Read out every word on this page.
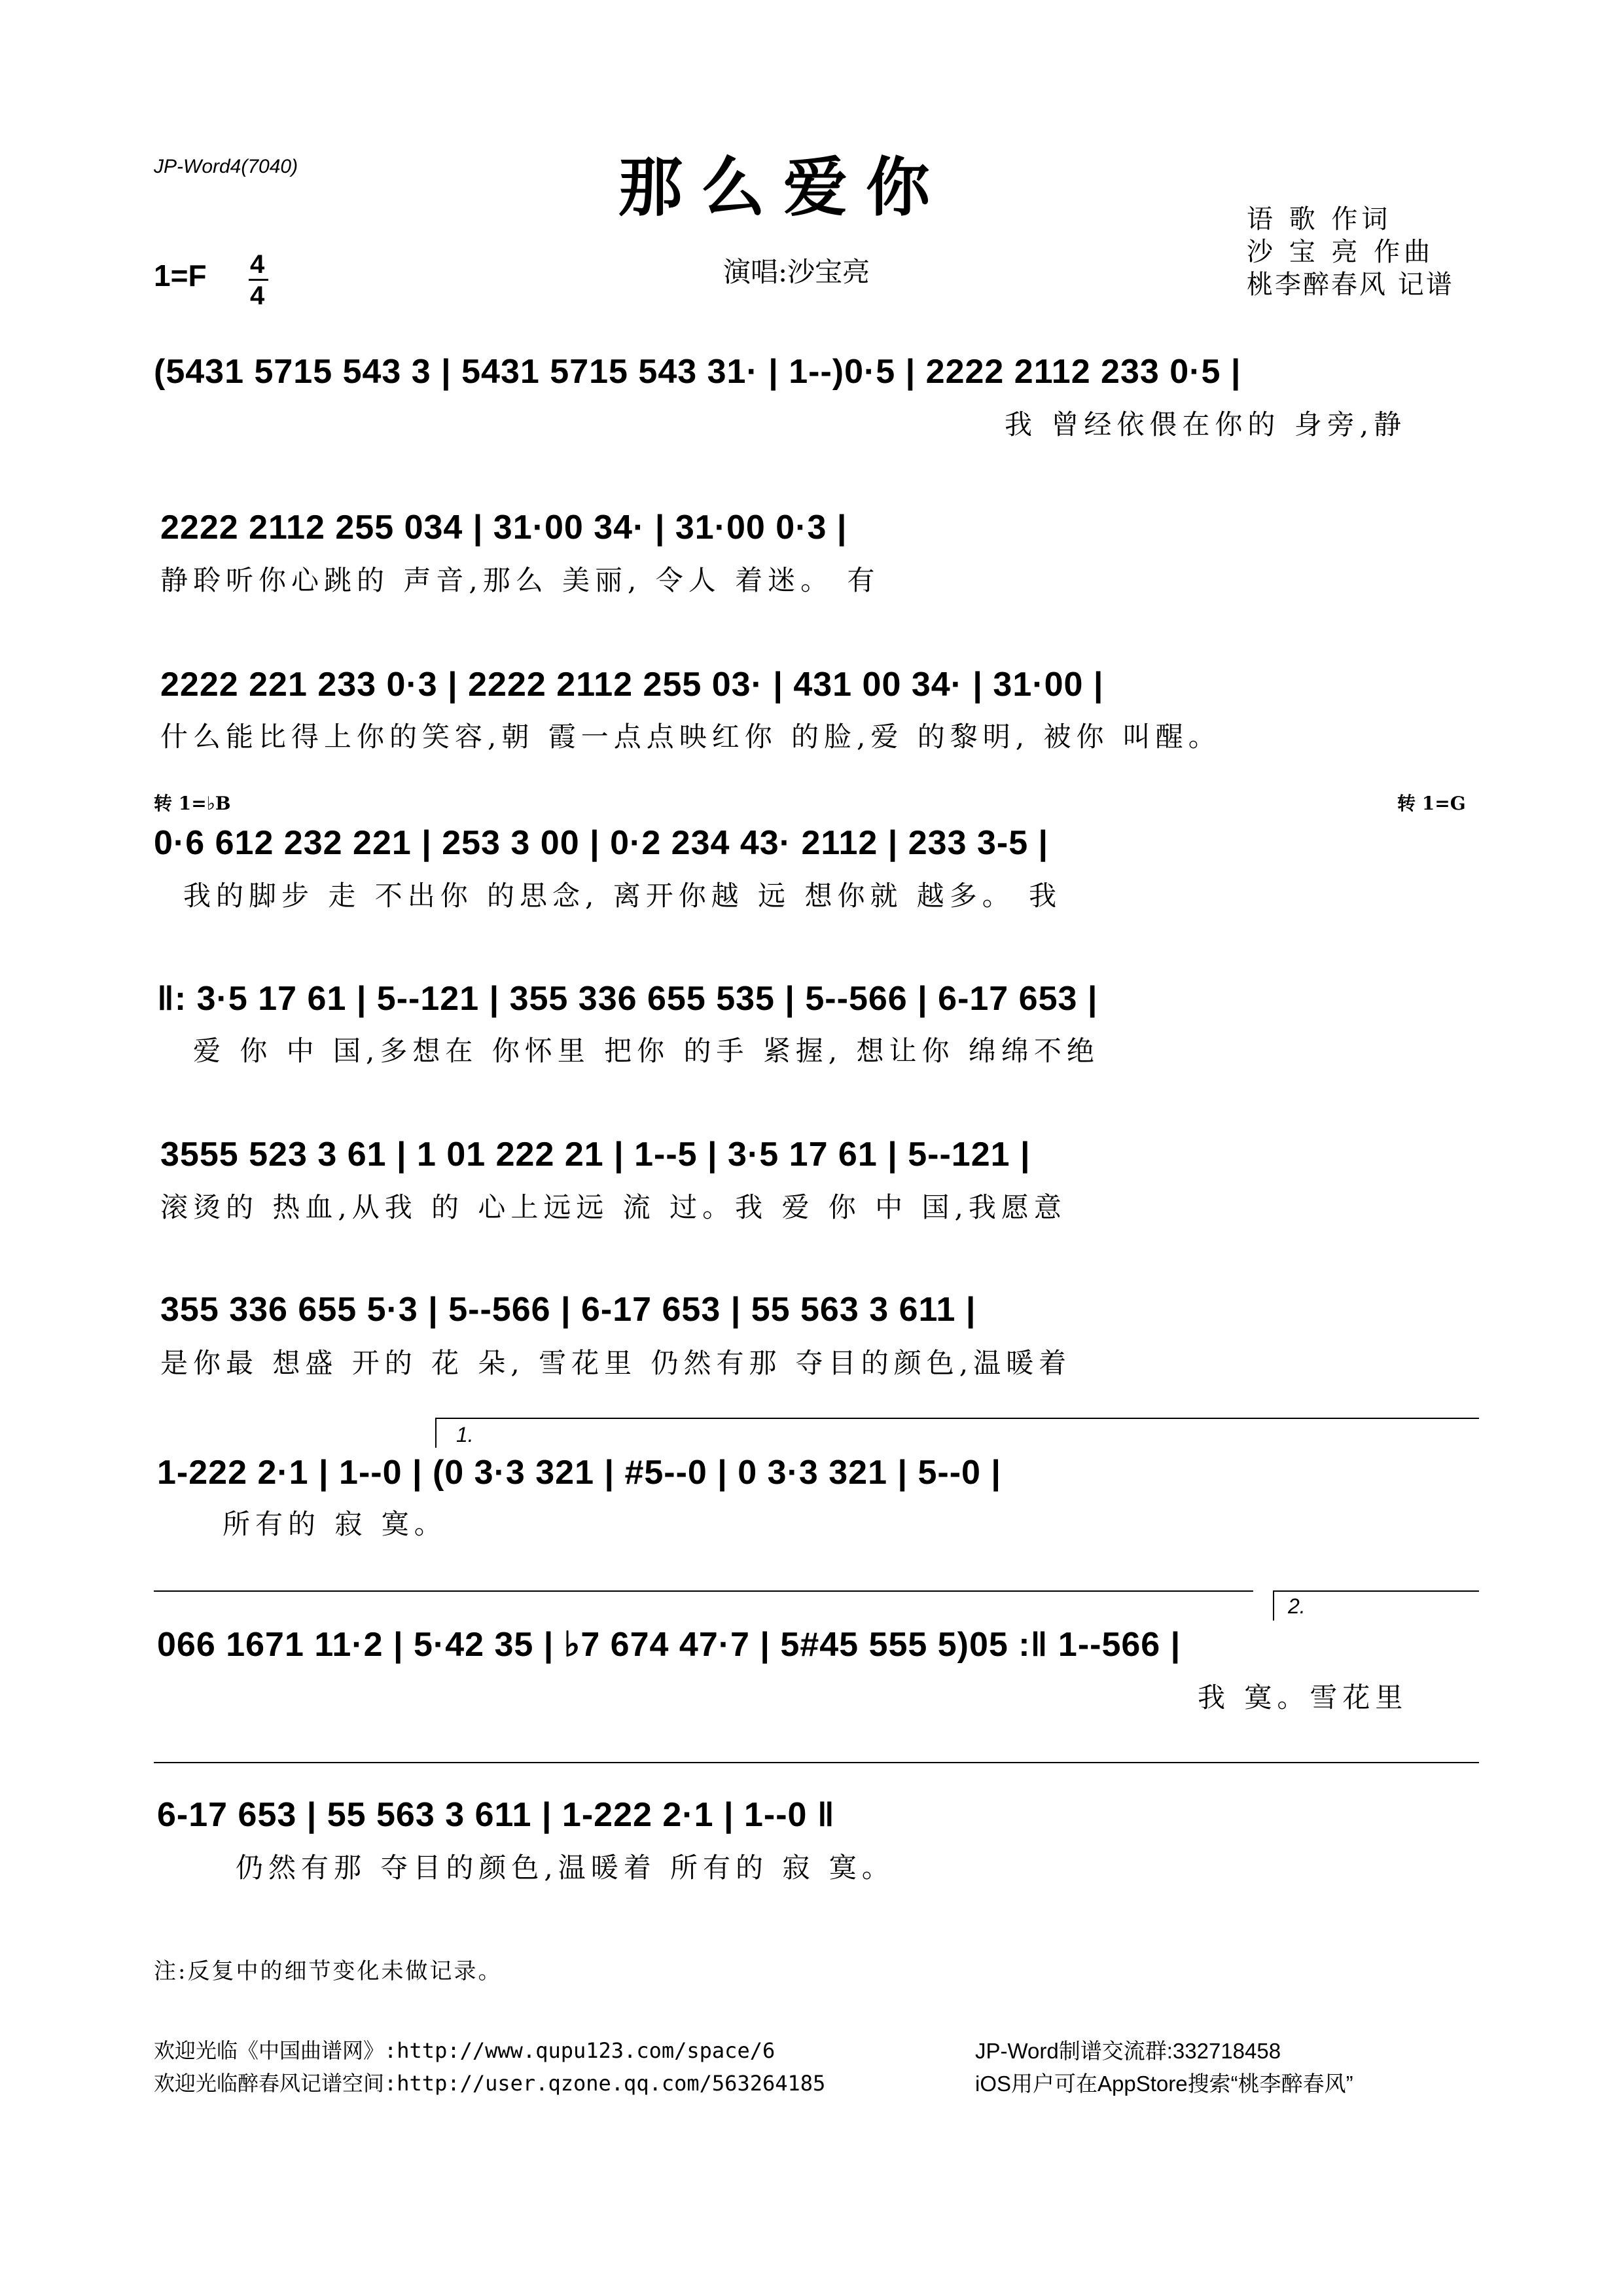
JP-Word4(7040)	那么爱你
1=F 4
4
演唱:沙宝亮
语 歌 作词
沙 宝 亮 作曲
桃李醉春风 记谱
(5431 5715 543 3 | 5431 5715 543 31· | 1--)0·5 | 2222 2112 233 0·5 |
我 曾经依偎在你的 身旁,静
2222 2112 255 034 | 31·00 34· | 31·00 0·3 |
静聆听你心跳的 声音,那么 美丽, 令人 着迷。 有
2222 221 233 0·3 | 2222 2112 255 03· | 431 00 34· | 31·00 |
什么能比得上你的笑容,朝 霞一点点映红你 的脸,爱 的黎明, 被你 叫醒。
转 1=♭B	转 1=G
0·6 612 232 221 | 253 3 00 | 0·2 234 43· 2112 | 233 3-5 |
我的脚步 走 不出你 的思念, 离开你越 远 想你就 越多。 我
‖: 3·5 17 61 | 5--121 | 355 336 655 535 | 5--566 | 6-17 653 |
爱 你 中 国,多想在 你怀里 把你 的手 紧握, 想让你 绵绵不绝
3555 523 3 61 | 1 01 222 21 | 1--5 | 3·5 17 61 | 5--121 |
滚烫的 热血,从我 的 心上远远 流 过。我 爱 你 中 国,我愿意
355 336 655 5·3 | 5--566 | 6-17 653 | 55 563 3 611 |
是你最 想盛 开的 花 朵, 雪花里 仍然有那 夺目的颜色,温暖着
1.
1-222 2·1 | 1--0 | (0 3·3 321 | #5--0 | 0 3·3 321 | 5--0 |
所有的 寂 寞。
2.
066 1671 11·2 | 5·42 35 | ♭7 674 47·7 | 5#45 555 5)05 :‖ 1--566 |
我 寞。雪花里
6-17 653 | 55 563 3 611 | 1-222 2·1 | 1--0 ‖
仍然有那 夺目的颜色,温暖着 所有的 寂 寞。
注:反复中的细节变化未做记录。
欢迎光临《中国曲谱网》:http://www.qupu123.com/space/6
欢迎光临醉春风记谱空间:http://user.qzone.qq.com/563264185
JP-Word制谱交流群:332718458
iOS用户可在AppStore搜索“桃李醉春风”
